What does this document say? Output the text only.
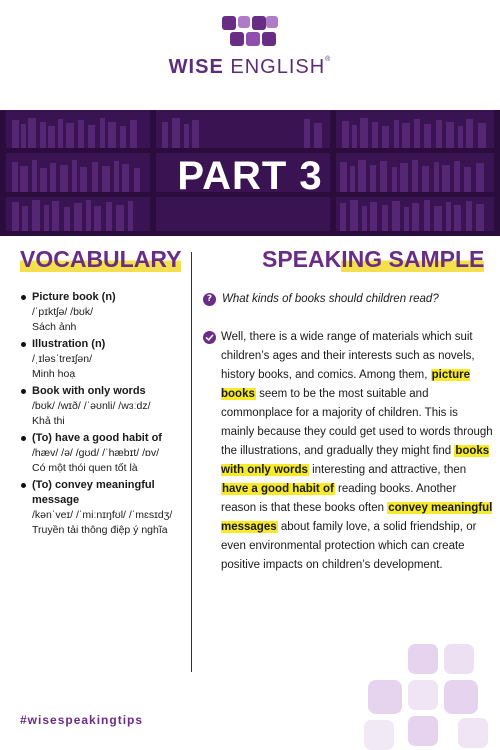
WISE ENGLISH®
PART 3
VOCABULARY	SPEAKING SAMPLE
Picture book (n)
/ˈpɪktʃə/ /bʊk/
Sách ảnh
Illustration (n)
/ˌɪləsˈtreɪʃən/
Minh hoạ
Book with only words
/bʊk/ /wɪð/ /ˈəʊnli/ /wɜːdz/
Khả thi
(To) have a good habit of
/hæv/ /ə/ /gʊd/ /ˈhæbɪt/ /ɒv/
Có một thói quen tốt là
(To) convey meaningful message
/kənˈveɪ/ /ˈmiːnɪŋfʊl/ /ˈmɛsɪdʒ/
Truyền tải thông điệp ý nghĩa
? What kinds of books should children read?
Well, there is a wide range of materials which suit children’s ages and their interests such as novels, history books, and comics. Among them, picture books seem to be the most suitable and commonplace for a majority of children. This is mainly because they could get used to words through the illustrations, and gradually they might find books with only words interesting and attractive, then have a good habit of reading books. Another reason is that these books often convey meaningful messages about family love, a solid friendship, or even environmental protection which can create positive impacts on children’s development.
#wisespeakingtips
